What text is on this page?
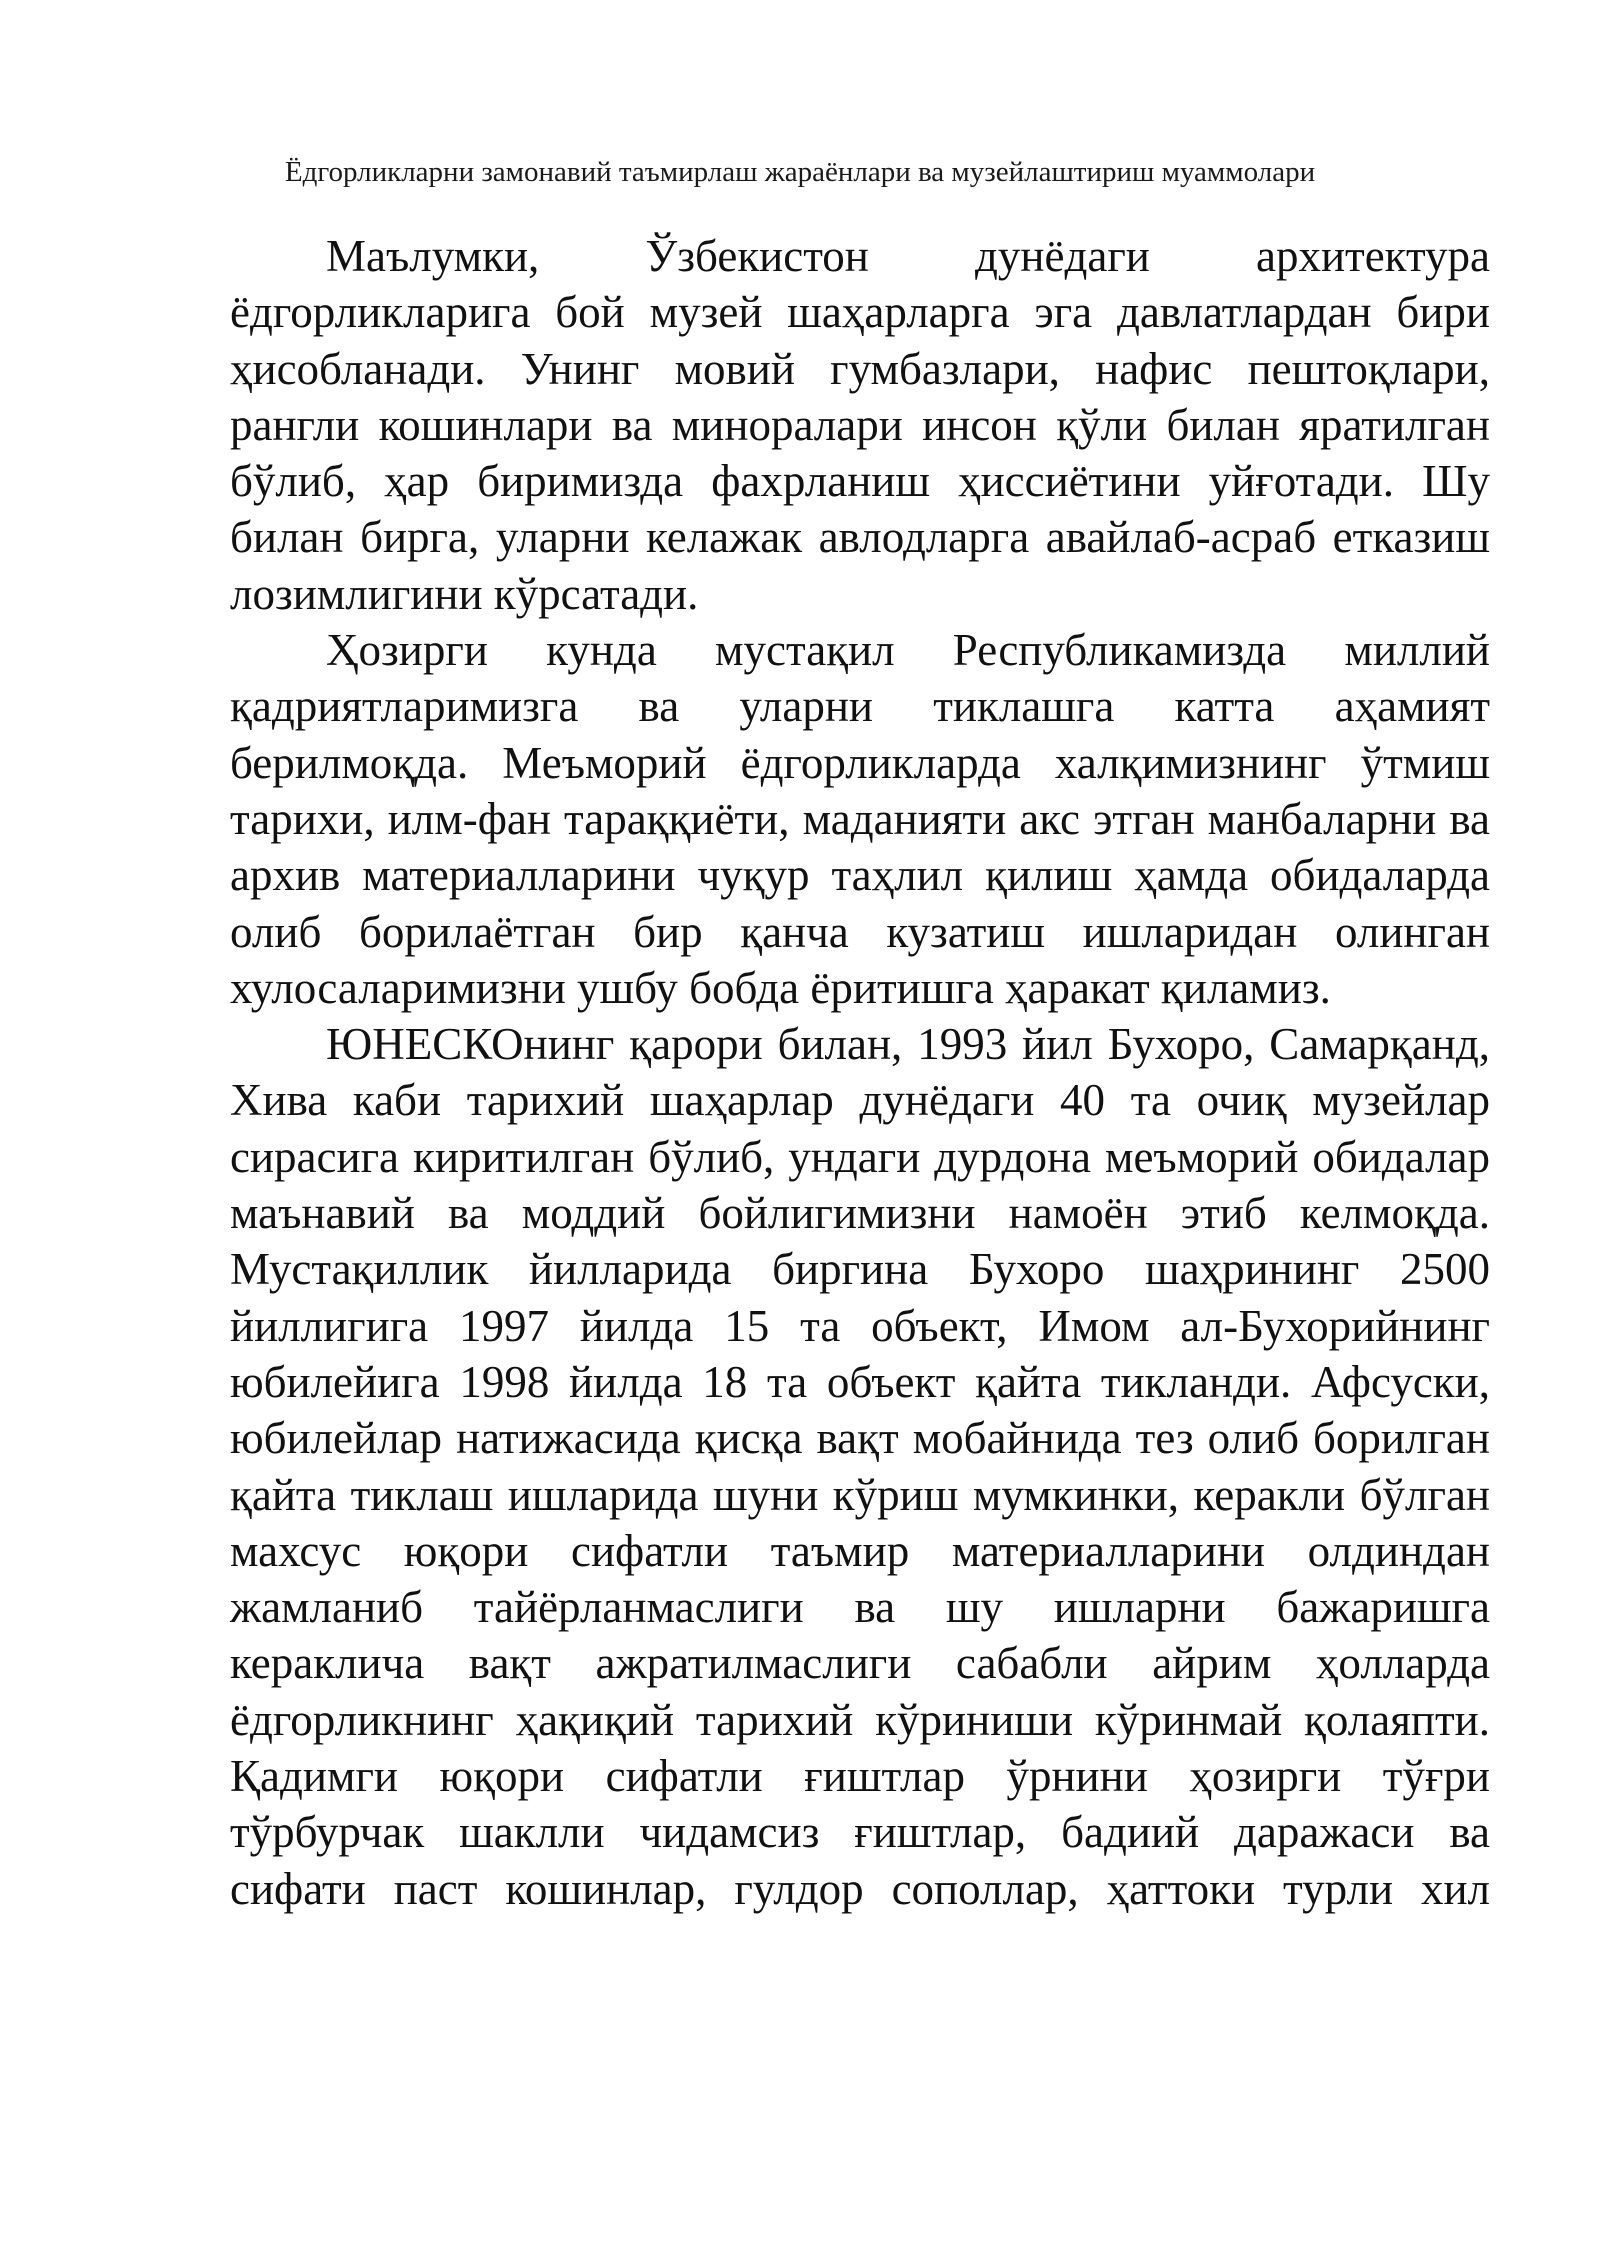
Ёдгорликларни замонавий таъмирлаш жараёнлари ва музейлаштириш муаммолари

Маълумки, Ўзбекистон дунёдаги архитектура ёдгорликларига бой музей шаҳарларга эга давлатлардан бири ҳисобланади. Унинг мовий гумбазлари, нафис пештоқлари, рангли кошинлари ва миноралари инсон қўли билан яратилган бўлиб, ҳар биримизда фахрланиш ҳиссиётини уйғотади. Шу билан бирга, уларни келажак авлодларга авайлаб-асраб етказиш лозимлигини кўрсатади.

Ҳозирги кунда мустақил Республикамизда миллий қадриятларимизга ва уларни тиклашга катта аҳамият берилмоқда. Меъморий ёдгорликларда халқимизнинг ўтмиш тарихи, илм-фан тараққиёти, маданияти акс этган манбаларни ва архив материалларини чуқур таҳлил қилиш ҳамда обидаларда олиб борилаётган бир қанча кузатиш ишларидан олинган хулосаларимизни ушбу бобда ёритишга ҳаракат қиламиз.

ЮНЕСКОнинг қарори билан, 1993 йил Бухоро, Самарқанд, Хива каби тарихий шаҳарлар дунёдаги 40 та очиқ музейлар сирасига киритилган бўлиб, ундаги дурдона меъморий обидалар маънавий ва моддий бойлигимизни намоён этиб келмоқда. Мустақиллик йилларида биргина Бухоро шаҳрининг 2500 йиллигига 1997 йилда 15 та объект, Имом ал-Бухорийнинг юбилейига 1998 йилда 18 та объект қайта тикланди. Афсуски, юбилейлар натижасида қисқа вақт мобайнида тез олиб борилган қайта тиклаш ишларида шуни кўриш мумкинки, керакли бўлган махсус юқори сифатли таъмир материалларини олдиндан жамланиб тайёрланмаслиги ва шу ишларни бажаришга кераклича вақт ажратилмаслиги сабабли айрим ҳолларда ёдгорликнинг ҳақиқий тарихий кўриниши кўринмай қолаяпти. Қадимги юқори сифатли ғиштлар ўрнини ҳозирги тўғри тўрбурчак шаклли чидамсиз ғиштлар, бадиий даражаси ва сифати паст кошинлар, гулдор сополлар, ҳаттоки турли хил
